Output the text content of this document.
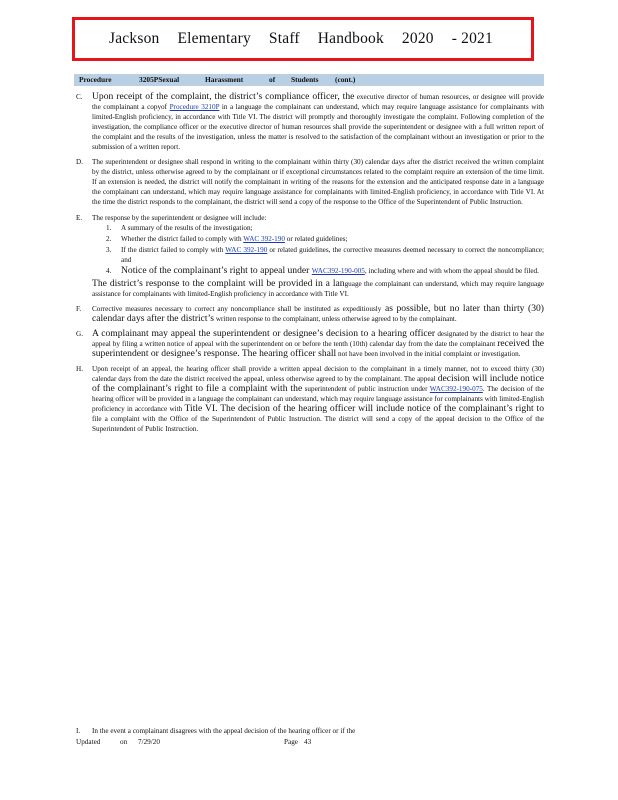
Jackson Elementary Staff Handbook 2020 - 2021
Procedure	3205PSexual	Harassment	of	Students	(cont.)
C. Upon receipt of the complaint, the district’s compliance officer, the executive director of human resources, or designee will provide the complainant a copyof Procedure 3210P in a language the complainant can understand, which may require language assistance for complainants with limited-English proficiency, in accordance with Title VI. The district will promptly and thoroughly investigate the complaint. Following completion of the investigation, the compliance officer or the executive director of human resources shall provide the superintendent or designee with a full written report of the complaint and the results of the investigation, unless the matter is resolved to the satisfaction of the complainant without an investigation or prior to the submission of a written report.
D. The superintendent or designee shall respond in writing to the complainant within thirty (30) calendar days after the district received the written complaint by the district, unless otherwise agreed to by the complainant or if exceptional circumstances related to the complaint require an extension of the time limit. If an extension is needed, the district will notify the complainant in writing of the reasons for the extension and the anticipated response date in a language the complainant can understand, which may require language assistance for complainants with limited-English proficiency, in accordance with Title VI. At the time the district responds to the complainant, the district will send a copy of the response to the Office of the Superintendent of Public Instruction.
E. The response by the superintendent or designee will include:
1. A summary of the results of the investigation;
2. Whether the district failed to comply with WAC 392-190 or related guidelines;
3. If the district failed to comply with WAC 392-190 or related guidelines, the corrective measures deemed necessary to correct the noncompliance; and
4. Notice of the complainant’s right to appeal under WAC392-190-005, including where and with whom the appeal should be filed.
The district’s response to the complaint will be provided in a language the complainant can understand, which may require language assistance for complainants with limited-English proficiency in accordance with Title VI.
F. Corrective measures necessary to correct any noncompliance shall be instituted as expeditiously as possible, but no later than thirty (30) calendar days after the district’s written response to the complainant, unless otherwise agreed to by the complainant.
G. A complainant may appeal the superintendent or designee’s decision to a hearing officer designated by the district to hear the appeal by filing a written notice of appeal with the superintendent on or before the tenth (10th) calendar day from the date the complainant received the superintendent or designee’s response. The hearing officer shall not have been involved in the initial complaint or investigation.
H. Upon receipt of an appeal, the hearing officer shall provide a written appeal decision to the complainant in a timely manner, not to exceed thirty (30) calendar days from the date the district received the appeal, unless otherwise agreed to by the complainant. The appeal decision will include notice of the complainant’s right to file a complaint with the superintendent of public instruction under WAC392-190-075. The decision of the hearing officer will be provided in a language the complainant can understand, which may require language assistance for complainants with limited-English proficiency in accordance with Title VI. The decision of the hearing officer will include notice of the complainant’s right to file a complaint with the Office of the Superintendent of Public Instruction. The district will send a copy of the appeal decision to the Office of the Superintendent of Public Instruction.
I. In the event a complainant disagrees with the appeal decision of the hearing officer or if the
Updated	on	7/29/20	Page 43
